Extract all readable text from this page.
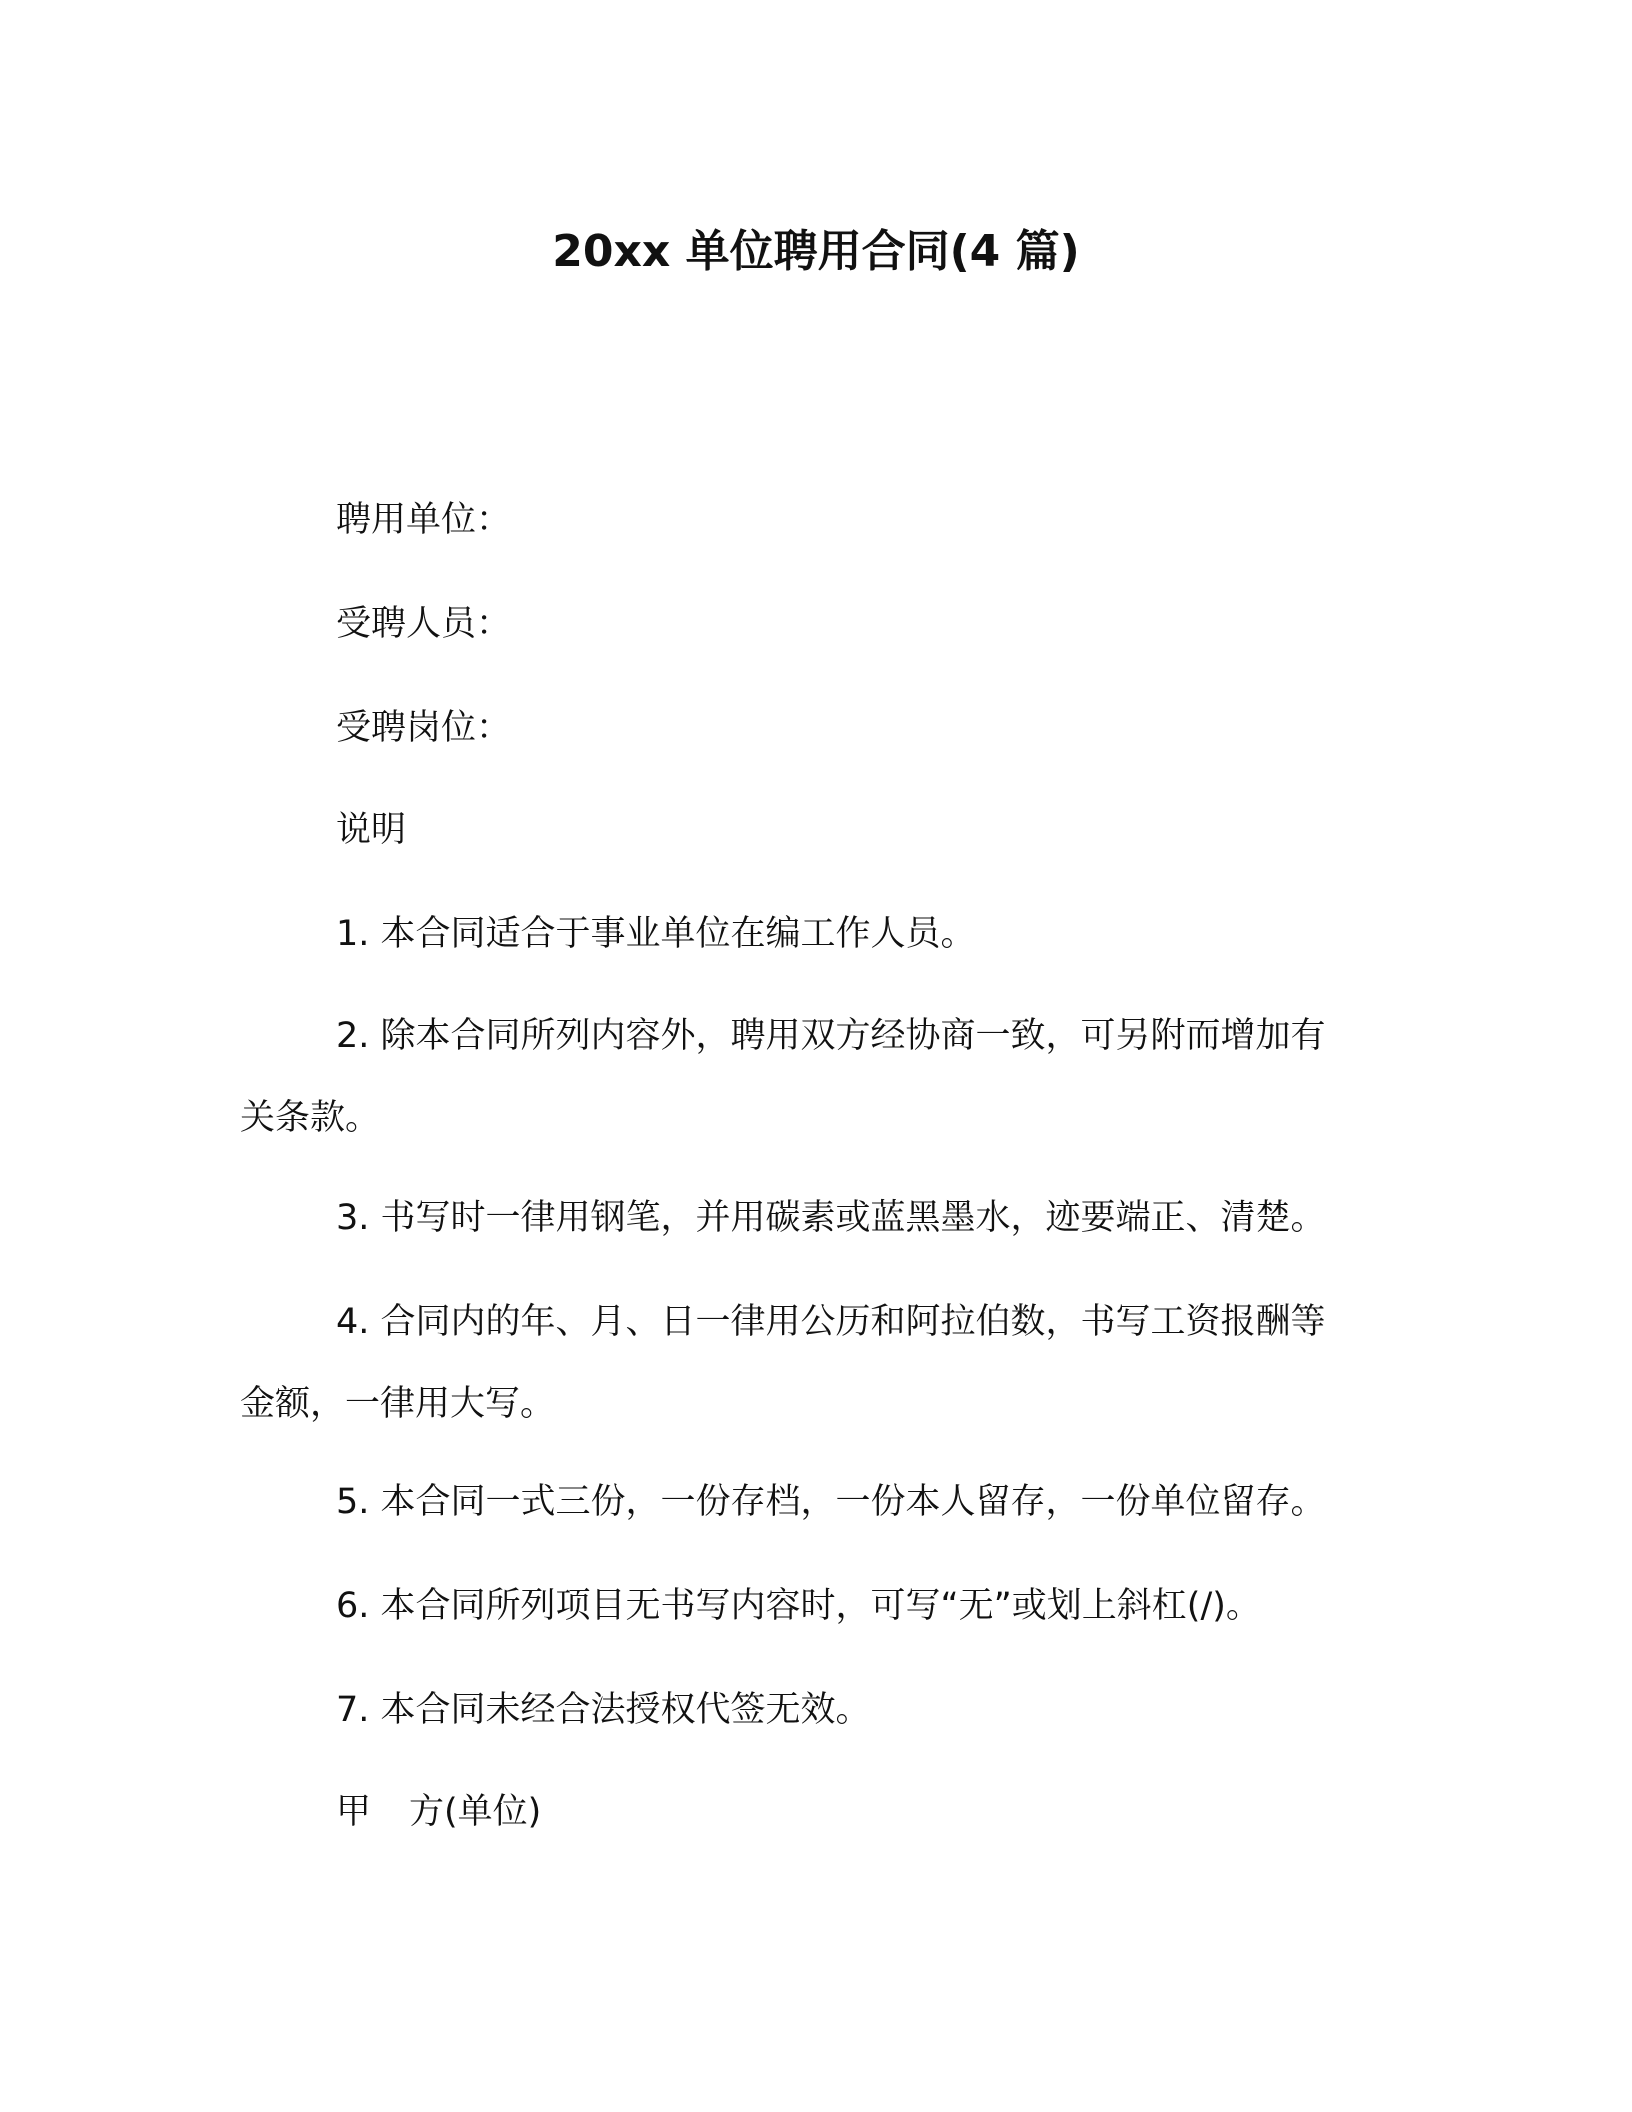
20xx 单位聘用合同(4 篇)
聘用单位：
受聘人员：
受聘岗位：
说明
1. 本合同适合于事业单位在编工作人员。
2. 除本合同所列内容外，聘用双方经协商一致，可另附而增加有
关条款。
3. 书写时一律用钢笔，并用碳素或蓝黑墨水，迹要端正、清楚。
4. 合同内的年、月、日一律用公历和阿拉伯数，书写工资报酬等
金额，一律用大写。
5. 本合同一式三份，一份存档，一份本人留存，一份单位留存。
6. 本合同所列项目无书写内容时，可写“无”或划上斜杠(/)。
7. 本合同未经合法授权代签无效。
甲 方(单位)
